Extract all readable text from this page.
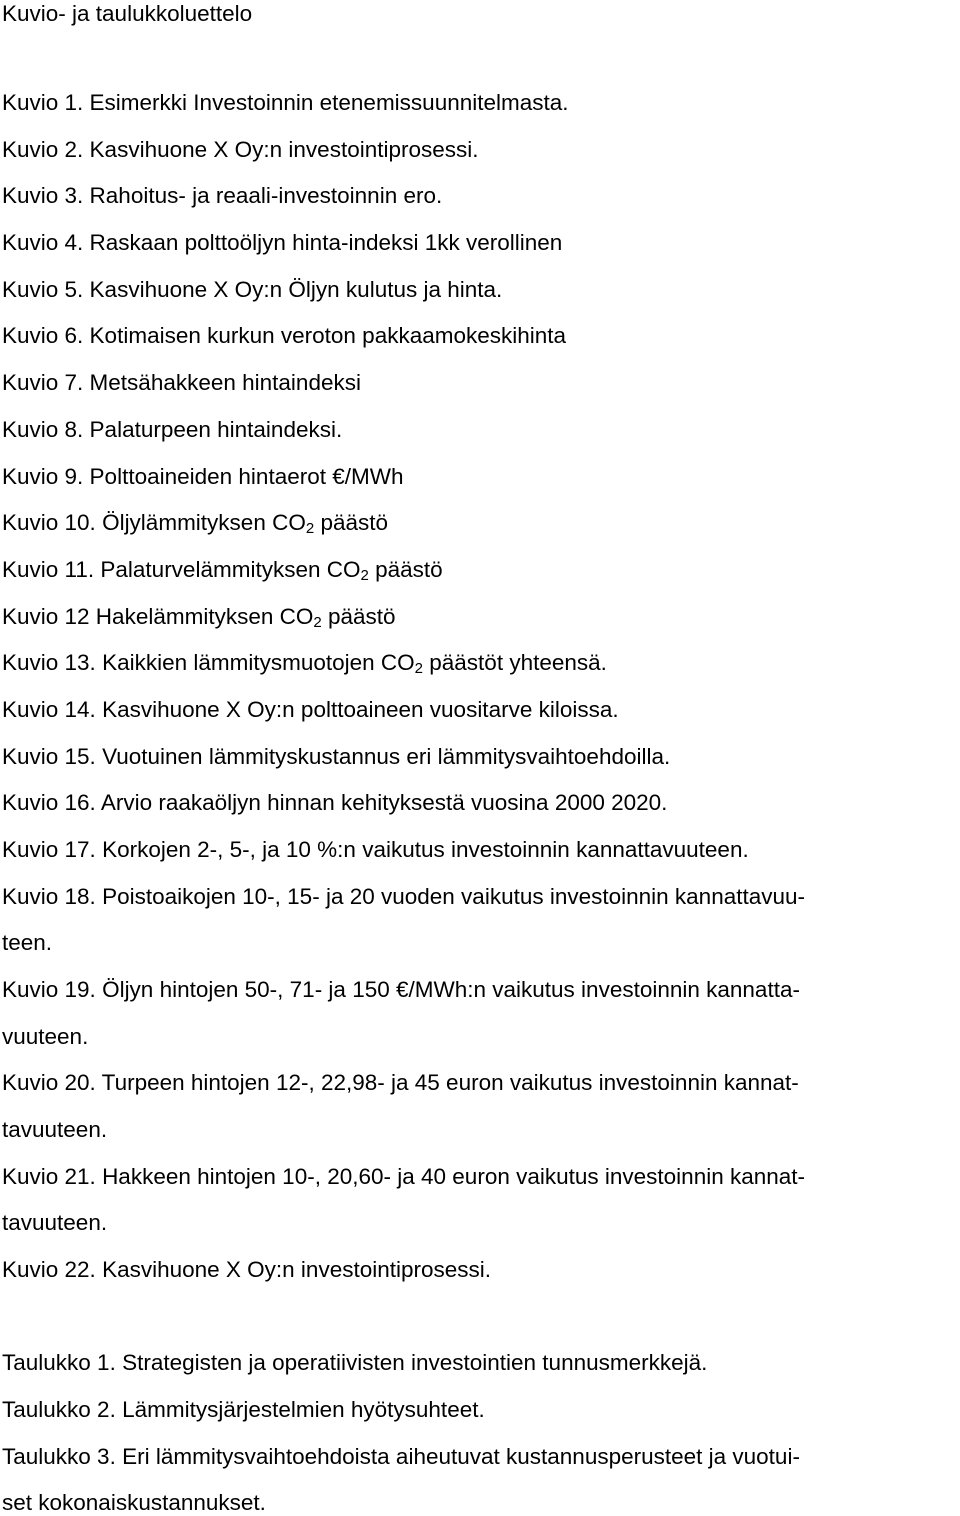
Kuvio- ja taulukkoluettelo
Kuvio 1. Esimerkki Investoinnin etenemissuunnitelmasta.
Kuvio 2. Kasvihuone X Oy:n investointiprosessi.
Kuvio 3. Rahoitus- ja reaali-investoinnin ero.
Kuvio 4. Raskaan polttoöljyn hinta-indeksi 1kk verollinen
Kuvio 5. Kasvihuone X Oy:n Öljyn kulutus ja hinta.
Kuvio 6. Kotimaisen kurkun veroton pakkaamokeskihinta
Kuvio 7. Metsähakkeen hintaindeksi
Kuvio 8. Palaturpeen hintaindeksi.
Kuvio 9. Polttoaineiden hintaerot €/MWh
Kuvio 10. Öljylämmityksen $CO_2$ päästö
Kuvio 11. Palaturvelämmityksen $CO_2$ päästö
Kuvio 12 Hakelämmityksen $CO_2$ päästö
Kuvio 13. Kaikkien lämmitysmuotojen $CO_2$ päästöt yhteensä.
Kuvio 14. Kasvihuone X Oy:n polttoaineen vuositarve kiloissa.
Kuvio 15. Vuotuinen lämmityskustannus eri lämmitysvaihtoehdoilla.
Kuvio 16. Arvio raakaöljyn hinnan kehityksestä vuosina 2000 2020.
Kuvio 17. Korkojen 2-, 5-, ja 10 %:n vaikutus investoinnin kannattavuuteen.
Kuvio 18. Poistoaikojen 10-, 15- ja 20 vuoden vaikutus investoinnin kannattavuu-
teen.
Kuvio 19. Öljyn hintojen 50-, 71- ja 150 €/MWh:n vaikutus investoinnin kannatta-
vuuteen.
Kuvio 20. Turpeen hintojen 12-, 22,98- ja 45 euron vaikutus investoinnin kannat-
tavuuteen.
Kuvio 21. Hakkeen hintojen 10-, 20,60- ja 40 euron vaikutus investoinnin kannat-
tavuuteen.
Kuvio 22. Kasvihuone X Oy:n investointiprosessi.
Taulukko 1. Strategisten ja operatiivisten investointien tunnusmerkkejä.
Taulukko 2. Lämmitysjärjestelmien hyötysuhteet.
Taulukko 3. Eri lämmitysvaihtoehdoista aiheutuvat kustannusperusteet ja vuotui-
set kokonaiskustannukset.
